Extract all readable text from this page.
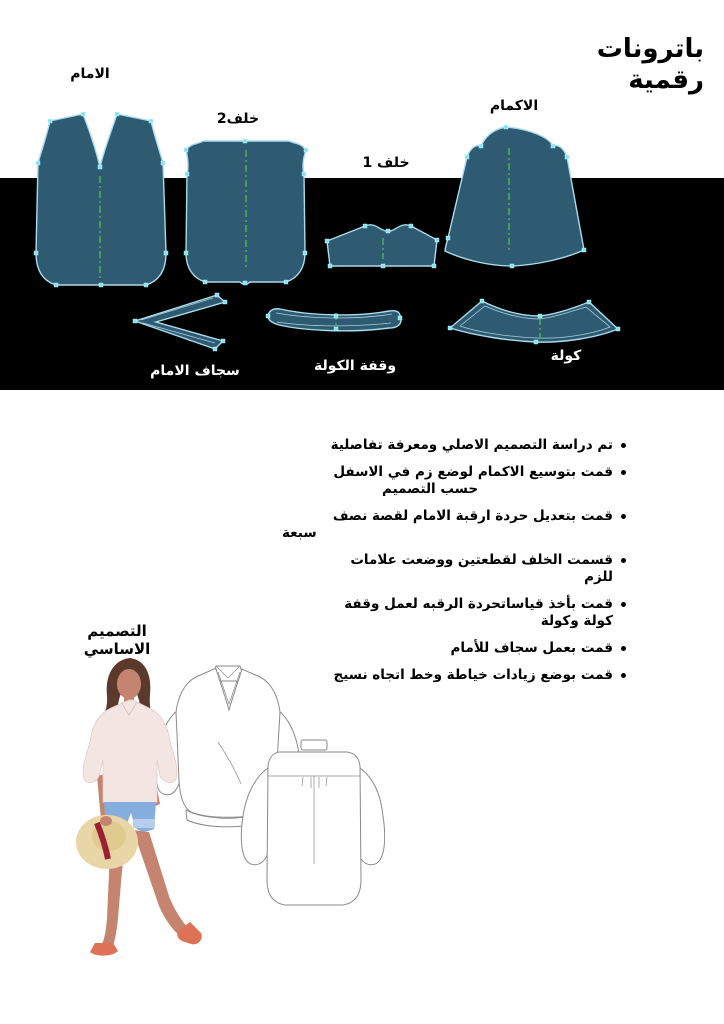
باترونات
رقمية
الامام
خلف2
الاكمام
خلف 1
سجاف الامام	وقفة الكولة
كولة
تم دراسة التصميم الاصلي ومعرفة تفاصلية
قمت بتوسيع الاكمام لوضع زم في الاسفل
حسب التصميم
قمت بتعديل حردة ارقبة الامام لقصة نصف
سبعة
قسمت الخلف لقطعتين ووضعت علامات
للزم
قمت بأخذ قياساتحردة الرقبه لعمل وقفة
كولة وكولة
قمت بعمل سجاف للأمام
قمت بوضع زيادات خياطة وخط اتجاه نسيج
التصميم الاساسي
